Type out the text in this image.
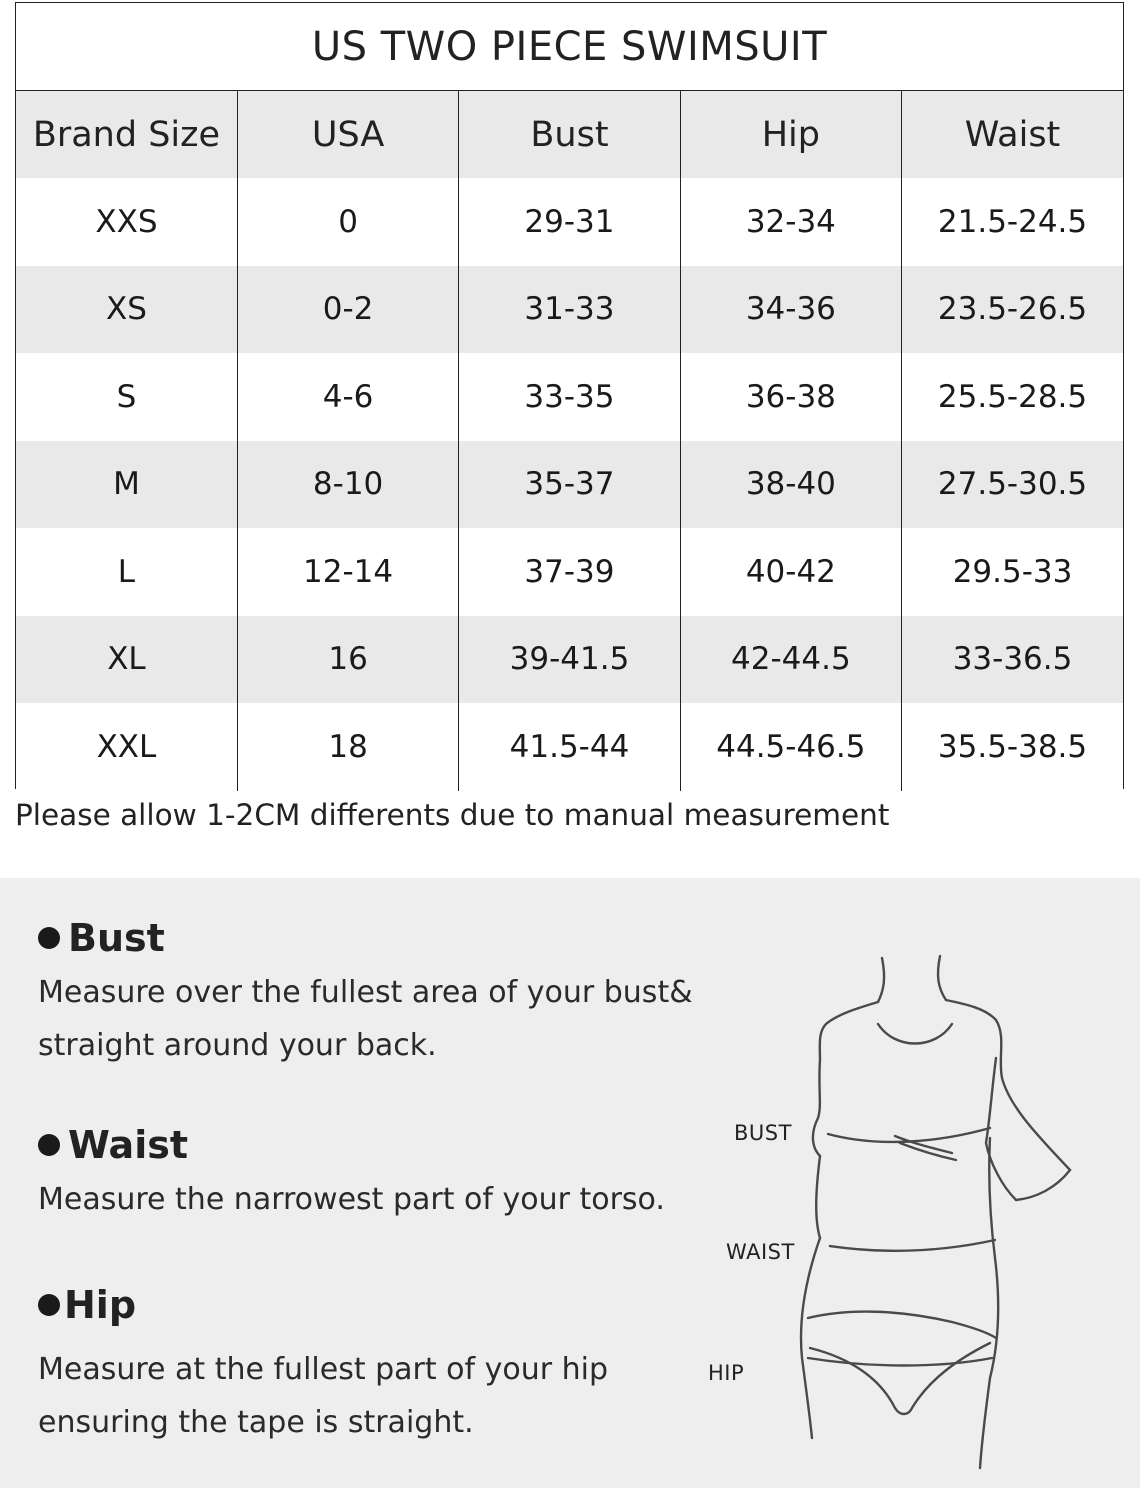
US TWO PIECE SWIMSUIT
Brand Size	USA	Bust	Hip	Waist
XXS	0	29-31	32-34	21.5-24.5
XS	0-2	31-33	34-36	23.5-26.5
S	4-6	33-35	36-38	25.5-28.5
M	8-10	35-37	38-40	27.5-30.5
L	12-14	37-39	40-42	29.5-33
XL	16	39-41.5	42-44.5	33-36.5
XXL	18	41.5-44	44.5-46.5	35.5-38.5
Please allow 1-2CM differents due to manual measurement
Bust
Measure over the fullest area of your bust&
straight around your back.
Waist
Measure the narrowest part of your torso.
Hip
Measure at the fullest part of your hip
ensuring the tape is straight.
BUST
WAIST
HIP
